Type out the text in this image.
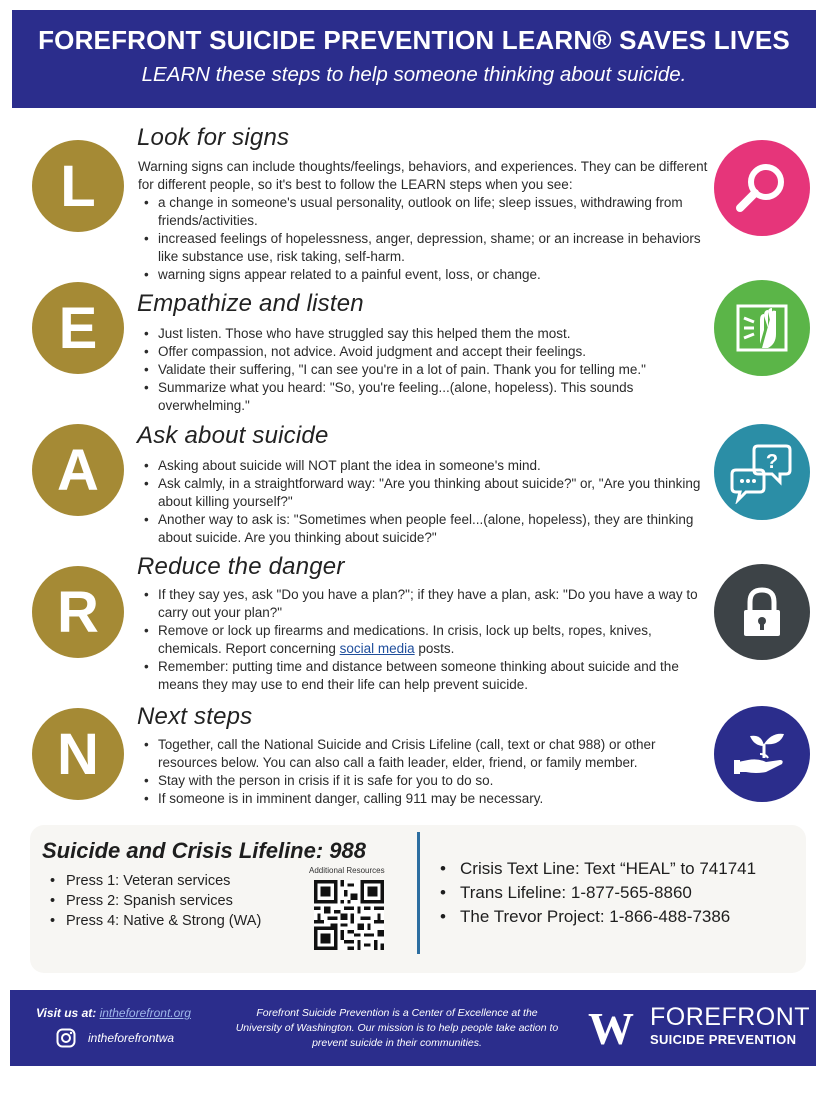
FOREFRONT SUICIDE PREVENTION LEARN® SAVES LIVES
LEARN these steps to help someone thinking about suicide.
L
Look for signs

Warning signs can include thoughts/feelings, behaviors, and experiences. They can be different for different people, so it's best to follow the LEARN steps when you see:

• a change in someone's usual personality, outlook on life; sleep issues, withdrawing from friends/activities.
• increased feelings of hopelessness, anger, depression, shame; or an increase in behaviors like substance use, risk taking, self-harm.
• warning signs appear related to a painful event, loss, or change.
E	Empathize and listen
• Just listen. Those who have struggled say this helped them the most.
• Offer compassion, not advice. Avoid judgment and accept their feelings.
• Validate their suffering, "I can see you're in a lot of pain. Thank you for telling me."
• Summarize what you heard: "So, you're feeling...(alone, hopeless). This sounds overwhelming."
A
Ask about suicide
• Asking about suicide will NOT plant the idea in someone's mind.
• Ask calmly, in a straightforward way: "Are you thinking about suicide?" or, "Are you thinking about killing yourself?"
• Another way to ask is: "Sometimes when people feel...(alone, hopeless), they are thinking about suicide. Are you thinking about suicide?"
?
R
Reduce the danger
• If they say yes, ask "Do you have a plan?"; if they have a plan, ask: "Do you have a way to carry out your plan?"
• Remove or lock up firearms and medications. In crisis, lock up belts, ropes, knives, chemicals. Report concerning social media posts.
• Remember: putting time and distance between someone thinking about suicide and the means they may use to end their life can help prevent suicide.
N
Next steps
• Together, call the National Suicide and Crisis Lifeline (call, text or chat 988) or other resources below. You can also call a faith leader, elder, friend, or family member.
• Stay with the person in crisis if it is safe for you to do so.
• If someone is in imminent danger, calling 911 may be necessary.
Suicide and Crisis Lifeline: 988
• Press 1: Veteran services
• Press 2: Spanish services
• Press 4: Native & Strong (WA)
Additional Resources
•	Crisis Text Line: Text “HEAL” to 741741
• Trans Lifeline: 1-877-565-8860
• The Trevor Project: 1-866-488-7386
Visit us at: intheforefront.org
intheforefrontwa
Forefront Suicide Prevention is a Center of Excellence at the University of Washington. Our mission is to help people take action to prevent suicide in their communities.	W FOREFRONT
SUICIDE PREVENTION
